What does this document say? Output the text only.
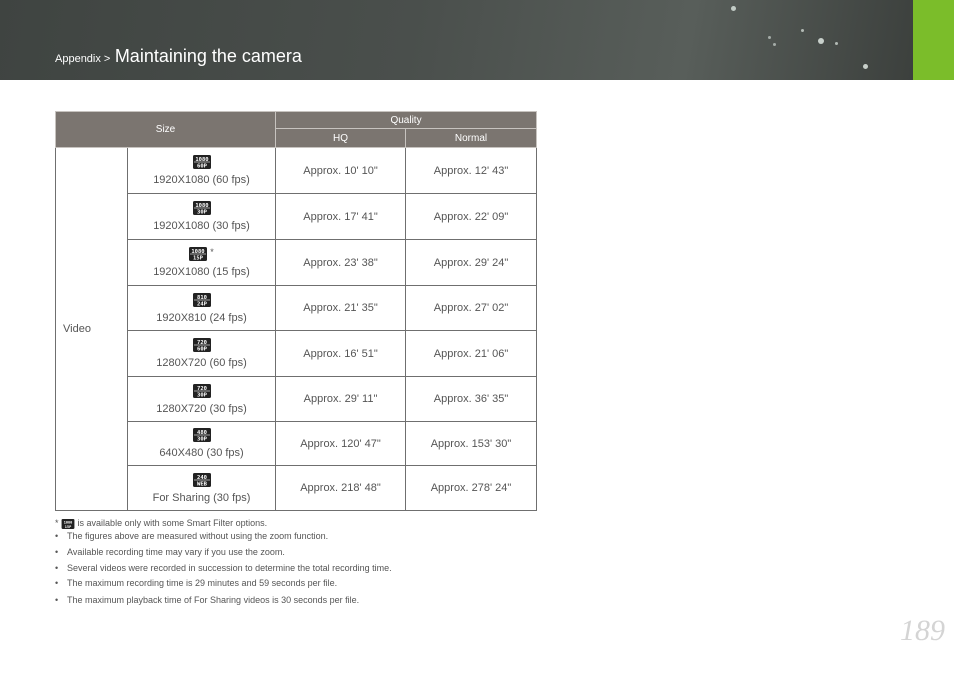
Appendix > Maintaining the camera
Size		Quality	
		HQ	Normal
Video	1080
60P
1920X1080 (60 fps)	Approx. 10' 10"	Approx. 12' 43"

1080
30P
1920X1080 (30 fps)	Approx. 17' 41"	Approx. 22' 09"

1080
15P
*
1920X1080 (15 fps)	Approx. 23' 38"	Approx. 29' 24"

810
24P
1920X810 (24 fps)	Approx. 21' 35"	Approx. 27' 02"

720
60P
1280X720 (60 fps)	Approx. 16' 51"	Approx. 21' 06"

720
30P
1280X720 (30 fps)	Approx. 29' 11"	Approx. 36' 35"

480
30P
640X480 (30 fps)	Approx. 120' 47"	Approx. 153' 30"

240
WEB
For Sharing (30 fps)	Approx. 218' 48"	Approx. 278' 24"
* 1080
15P is available only with some Smart Filter options.
• The figures above are measured without using the zoom function.
• Available recording time may vary if you use the zoom.
• Several videos were recorded in succession to determine the total recording time.
• The maximum recording time is 29 minutes and 59 seconds per file.
• The maximum playback time of For Sharing videos is 30 seconds per file.
189
